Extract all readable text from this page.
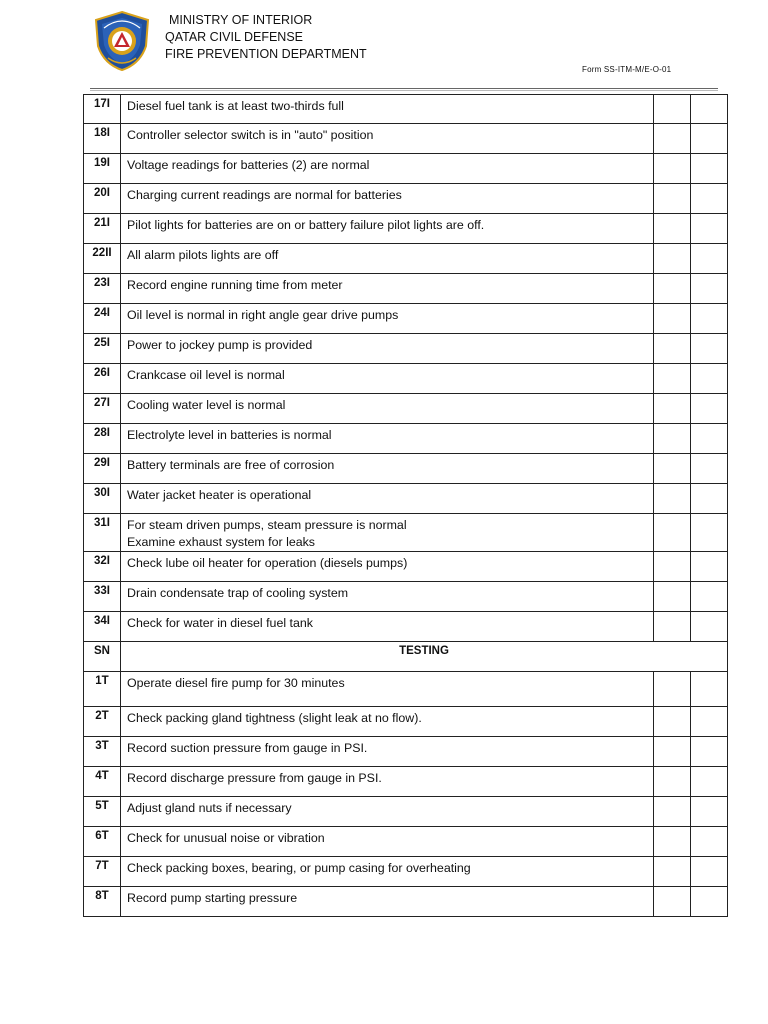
MINISTRY OF INTERIOR
QATAR CIVIL DEFENSE
FIRE PREVENTION DEPARTMENT
Form SS-ITM-M/E-O-01
17I	Diesel fuel tank is at least two-thirds full		

18I	Controller selector switch is in "auto" position		

19I	Voltage readings for batteries (2) are normal		

20I	Charging current readings are normal for batteries		

21I	Pilot lights for batteries are on or battery failure pilot lights are off.		

22II	All alarm pilots lights are off		

23I	Record engine running time from meter		

24I	Oil level is normal in right angle gear drive pumps		

25I	Power to jockey pump is provided		

26I	Crankcase oil level is normal		

27I	Cooling water level is normal		

28I	Electrolyte level in batteries is normal		

29I	Battery terminals are free of corrosion		

30I	Water jacket heater is operational		

31I	For steam driven pumps, steam pressure is normal
Examine exhaust system for leaks		

32I	Check lube oil heater for operation (diesels pumps)		

33I	Drain condensate trap of cooling system		

34I	Check for water in diesel fuel tank		

SN	TESTING		
1T	Operate diesel fire pump for 30 minutes		

2T	Check packing gland tightness (slight leak at no flow).		

3T	Record suction pressure from gauge in PSI.		

4T	Record discharge pressure from gauge in PSI.		

5T	Adjust gland nuts if necessary		

6T	Check for unusual noise or vibration		

7T	Check packing boxes, bearing, or pump casing for overheating		

8T	Record pump starting pressure		
